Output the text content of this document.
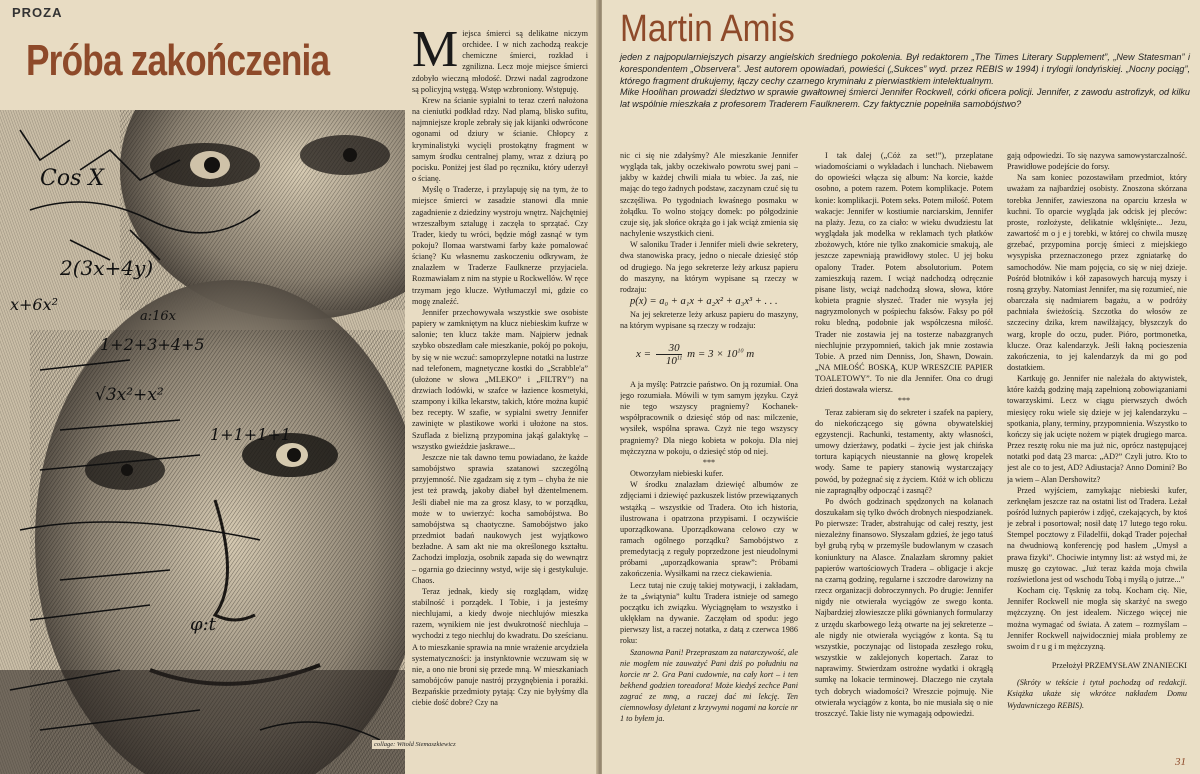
PROZA
Próba zakończenia
Cos X
2(3x+4y)
x+6x²
1+2+3+4+5
a:16x
√3x²+x²
1+1+1+1
φ:t
collage: Witold Siemaszkiewicz
M iejsca śmierci są delikatne niczym orchidee. I w nich zachodzą reakcje chemiczne śmierci, rozkład i zgnilizna. Lecz moje miejsce śmierci zdobyło wieczną młodość. Drzwi nadal zagrodzone są policyjną wstęgą. Wstęp wzbroniony. Wstępuję.

Krew na ścianie sypialni to teraz czerń nałożona na cieniutki podkład rdzy. Nad plamą, blisko sufitu, najmniejsze krople zebrały się jak kijanki odwrócone ogonami od dziury w ścianie. Chłopcy z kryminalistyki wycięli prostokątny fragment w samym środku centralnej plamy, wraz z dziurą po pocisku. Poniżej jest ślad po ręczniku, który uderzył o ścianę.

Myślę o Traderze, i przylapuję się na tym, że to miejsce śmierci w zasadzie stanowi dla mnie zagadnienie z dziedziny wystroju wnętrz. Najchętniej wrzeszałbym sztalugę i zaczęła to sprzątać. Czy Trader, kiedy tu wróci, będzie mógł zasnąć w tym pokoju? Ilomaa warstwami farby każe pomalować ścianę? Ku własnemu zaskoczeniu odkrywam, że znalazłem w Traderze Faulknerze przyjaciela. Rozmawiałam z nim na stypie u Rockwellów. W ręce trzymam jego klucze. Wytłumaczyl mi, gdzie co mogę znaleźć.

Jennifer przechowywała wszystkie swe osobiste papiery w zamkniętym na klucz niebieskim kufrze w salonie; ten klucz także mam. Najpierw jednak szybko obszedłam całe mieszkanie, pokój po pokoju, by się w nie wczuć: samoprzylepne notatki na lustrze nad telefonem, magnetyczne kostki do „Scrabble'a” (ułożone w słowa „MLEKO” i „FILTRY”) na drzwiach lodówki, w szafce w łazience kosmetyki, szampony i kilka lekarstw, takich, które można kupić bez recepty. W szafie, w sypialni swetry Jennifer zawinięte w plastikowe worki i ułożone na stos. Szuflada z bielizną przypomina jakąś galaktykę – wszystko gwieździe jaskrawe...

Jeszcze nie tak dawno temu powiadano, że każde samobójstwo sprawia szatanowi szczególną przyjemność. Nie zgadzam się z tym – chyba że nie jest też prawdą, jakoby diabeł był dżentelmenem. Jeśli diabeł nie ma za grosz klasy, to w porządku, może w to uwierzyć: kocha samobójstwa. Bo samobójstwa są chaotyczne. Samobójstwo jako przedmiot badań naukowych jest wyjątkowo bezładne. A sam akt nie ma określonego kształtu. Zachodzi implozja, osobnik zapada się do wewnątrz – ogarnia go dziecinny wstyd, wije się i gestykuluje. Chaos.

Teraz jednak, kiedy się rozglądam, widzę stabilność i porządek. I Tobie, i ja jesteśmy niechlujami, a kiedy dwoje niechlujów mieszka razem, wynikiem nie jest dwukrotność niechluja – wychodzi z tego niechluj do kwadratu. Do sześcianu. A to mieszkanie sprawia na mnie wrażenie arcydzieła systematyczności: ja instynktownie wczuwam się w nie, a ono nie broni się przede mną. W mieszkaniach samobójców panuje nastrój przygnębienia i porażki. Bezpańskie przedmioty pytają: Czy nie byłyśmy dla ciebie dość dobre? Czy na

Martin Amis

jeden z najpopularniejszych pisarzy angielskich średniego pokolenia. Był redaktorem „The Times Literary Supplement”, „New Statesman” i korespondentem „Observera”. Jest autorem opowiadań, powieści („Sukces” wyd. przez REBIS w 1994) i trylogii londyńskiej. „Nocny pociąg”, którego fragment drukujemy, łączy cechy czarnego kryminału z pierwiastkiem intelektualnym.

Mike Hoolihan prowadzi śledztwo w sprawie gwałtownej śmierci Jennifer Rockwell, córki oficera policji. Jennifer, z zawodu astrofizyk, od kilku lat wspólnie mieszkała z profesorem Traderem Faulknerem. Czy faktycznie popełniła samobójstwo?

nic ci się nie zdałyśmy? Ale mieszkanie Jennifer wygląda tak, jakby oczekiwało powrotu swej pani – jakby w każdej chwili miała tu wbiec. Ja zaś, nie mając do tego żadnych podstaw, zaczynam czuć się tu szczęśliwa. Po tygodniach kwaśnego posmaku w żołądku. To wolno stojący domek: po półgodzinie czuje się, jak słońce okrąża go i jak wciąż zmienia się nachylenie wszystkich cieni.

W saloniku Trader i Jennifer mieli dwie sekretery, dwa stanowiska pracy, jedno o niecałe dziesięć stóp od drugiego. Na jego sekreterze leży arkusz papieru do maszyny, na którym wypisane są rzeczy w rodzaju:

p(x) = a₀ + a₁x + a₂x² + a₃x³ + . . .

Na jej sekreterze leży arkusz papieru do maszyny, na którym wypisane są rzeczy w rodzaju:

$x = \frac{30}{10^{11}}$ $m = 3 \times 10^{10}$ m

A ja myślę: Patrzcie państwo. On ją rozumiał. Ona jego rozumiała. Mówili w tym samym języku. Czyż nie tego wszyscy pragniemy? Kochanek-współpracownik o dziesięć stóp od nas: milczenie, wysiłek, wspólna sprawa. Czyż nie tego wszyscy pragniemy? Dla niego kobieta w pokoju. Dla niej mężczyzna w pokoju, o dziesięć stóp od niej.

***

Otworzyłam niebieski kufer.

W środku znalazłam dziewięć albumów ze zdjęciami i dziewięć pazkuszek listów przewiązanych wstążką – wszystkie od Tradera. Oto ich historia, ilustrowana i opatrzona przypisami. I oczywiście uporządkowana. Uporządkowana celowo czy w ramach ogólnego porządku? Samobójstwo z premedytacją z reguły poprzedzone jest nieudolnymi próbami „uporządkowania spraw”: Próbami zakończenia. Wysiłkami na rzecz ciekawienia.

Lecz tutaj nie czuję takiej motywacji, i zakładam, że ta „świątynia” kultu Tradera istnieje od samego początku ich związku. Wyciągnęłam to wszystko i ukłękłam na dywanie. Zaczęłam od spodu: jego pierwszy list, a raczej notatka, z datą z czerwca 1986 roku:

Szanowna Pani! Przepraszam za natarczywość, ale nie mogłem nie zauważyć Pani dziś po południu na korcie nr 2. Gra Pani cudownie, na cały kort – i ten bekhend godzien toreadora! Może kiedyś zechce Pani zagrać ze mną, a raczej dać mi lekcję. Ten ciemnowłosy dyletant z krzywymi nogami na korcie nr 1 to byłem ja.

I tak dalej („Cóż za set!”), przeplatane wiadomościami o wykładach i lunchach. Niebawem do opowieści włącza się album: Na korcie, każde osobno, a potem razem. Potem komplikacje. Potem konie: komplikacji. Potem seks. Potem miłość. Potem wakacje: Jennifer w kostiumie narciarskim, Jennifer na plaży. Jezu, co za ciało: w wieku dwudziestu lat wyglądała jak modelka w reklamach tych płatków zbożowych, które nie tylko znakomicie smakują, ale jeszcze zapewniają prawidłowy stolec. U jej boku opalony Trader. Potem absolutorium. Potem zamieszkują razem. I wciąż nadchodzą odręcznie pisane listy, wciąż nadchodzą słowa, słowa, które kobieta pragnie słyszeć. Trader nie wysyła jej nagryzmolonych w pośpiechu faksów. Faksy po pół roku bledną, podobnie jak współczesna miłość. Trader nie zostawia jej na tosterze nabazgranych niechlujnie przypomnień, takich jak mnie zostawia Tobie. A przed nim Denniss, Jon, Shawn, Dowain. „NA MIŁOŚĆ BOSKĄ, KUP WRESZCIE PAPIER TOALETOWY”. To nie dla Jennifer. Ona co drugi dzień dostawała wiersz.

***

Teraz zabieram się do sekreter i szafek na papiery, do niekończącego się gówna obywatelskiej egzystencji. Rachunki, testamenty, akty własności, umowy dzierżawy, podatki – życie jest jak chińska tortura kapiących nieustannie na głowę kropelek wody. Same te papiery stanowią wystarczający powód, by pożegnać się z życiem. Któż w ich obliczu nie zapragnąłby odpocząć i zasnąć?

Po dwóch godzinach spędzonych na kolanach doszukałam się tylko dwóch drobnych niespodzianek. Po pierwsze: Trader, abstrahując od całej reszty, jest niezależny finansowo. Słyszałam gdzieś, że jego tatuś był grubą rybą w przemyśle budowlanym w czasach koniunktury na Alasce. Znalazłam skromny pakiet papierów wartościowych Tradera – obligacje i akcje na czarną godzinę, regularne i szczodre darowizny na rzecz organizacji dobroczynnych. Po drugie: Jennifer nigdy nie otwierała wyciągów ze swego konta. Najbardziej złowieszcze pliki gównianych formularzy z urzędu skarbowego leżą otwarte na jej sekreterze – ale nigdy nie otwierała wyciągów z konta. Są tu wszystkie, poczynając od listopada zeszłego roku, wszystkie w zaklejonych kopertach. Zaraz to naprawimy. Stwierdzam ostrożne wydatki i okrągłą sumkę na lokacie terminowej. Dlaczego nie czytała tych dobrych wiadomości? Wreszcie pojmuję. Nie otwierała wyciągów z konta, bo nie musiała się o nie troszczyć. Takie listy nie wymagają odpowiedzi.

gają odpowiedzi. To się nazywa samowystarczalność. Prawidłowe podejście do forsy.

Na sam koniec pozostawiłam przedmiot, który uważam za najbardziej osobisty. Znoszona skórzana torebka Jennifer, zawieszona na oparciu krzesła w kuchni. To oparcie wygląda jak odcisk jej pleców: proste, rozłożyste, delikatnie wklęśnięte... Jezu, zawartość m o j e j torebki, w której co chwila muszę grzebać, przypomina porcję śmieci z miejskiego wysypiska przeznaczonego przez zgniatarkę do samochodów. Nie mam pojęcia, co się w niej dzieje. Pośród błotników i kół zapasowych harcują myszy i rosną grzyby. Natomiast Jennifer, ma się rozumieć, nie obarczała się nadmiarem bagażu, a w podróży pachniała świeżością. Szczotka do włosów ze szczeciny dzika, krem nawilżający, błyszczyk do warg, krople do oczu, puder. Pióro, portmonetka, klucze. Oraz kalendarzyk. Jeśli łakną pocieszenia zakończenia, to jej kalendarzyk da mi go pod dostatkiem.

Kartkuję go. Jennifer nie należała do aktywistek, które każdą godzinę mają zapełnioną zobowiązaniami towarzyskimi. Lecz w ciągu pierwszych dwóch miesięcy roku wiele się dzieje w jej kalendarzyku – spotkania, plany, terminy, przypomnienia. Wszystko to kończy się jak ucięte nożem w piątek drugiego marca. Przez resztę roku nie ma już nic, oprócz następującej notatki pod datą 23 marca: „AD?” Czyli jutro. Kto to jest ale co to jest, AD? Adiustacja? Anno Domini? Bo ja wiem – Alan Dershowitz?

Przed wyjściem, zamykając niebieski kufer, zerknęłam jeszcze raz na ostatni list od Tradera. Leżał pośród lużnych papierów i zdjęć, czekających, by ktoś je zebrał i posortował; nosił datę 17 lutego tego roku. Stempel pocztowy z Filadelfii, dokąd Trader pojechał na dwudniową konferencję pod hasłem „Umysł a prawa fizyki”. Chociwie intymny list: aż wstyd mi, że muszę go czytowac. „Już teraz każda moja chwila rozświetlona jest od wschodu Tobą i myślą o jutrze...”

Kocham cię. Tęsknię za tobą. Kocham cię. Nie, Jennifer Rockwell nie mogła się skarżyć na swego mężczyznę. On jest idealem. Niczego więcej nie można wymagać od świata. A zatem – rozmyślam – Jennifer Rockwell najwidoczniej miała problemy ze swoim d r u g i m mężczyzną.

Przełożył PRZEMYSŁAW ZNANIECKI

(Skróty w tekście i tytuł pochodzą od redakcji. Książka ukaże się wkrótce nakładem Domu Wydawniczego REBIS).

31
